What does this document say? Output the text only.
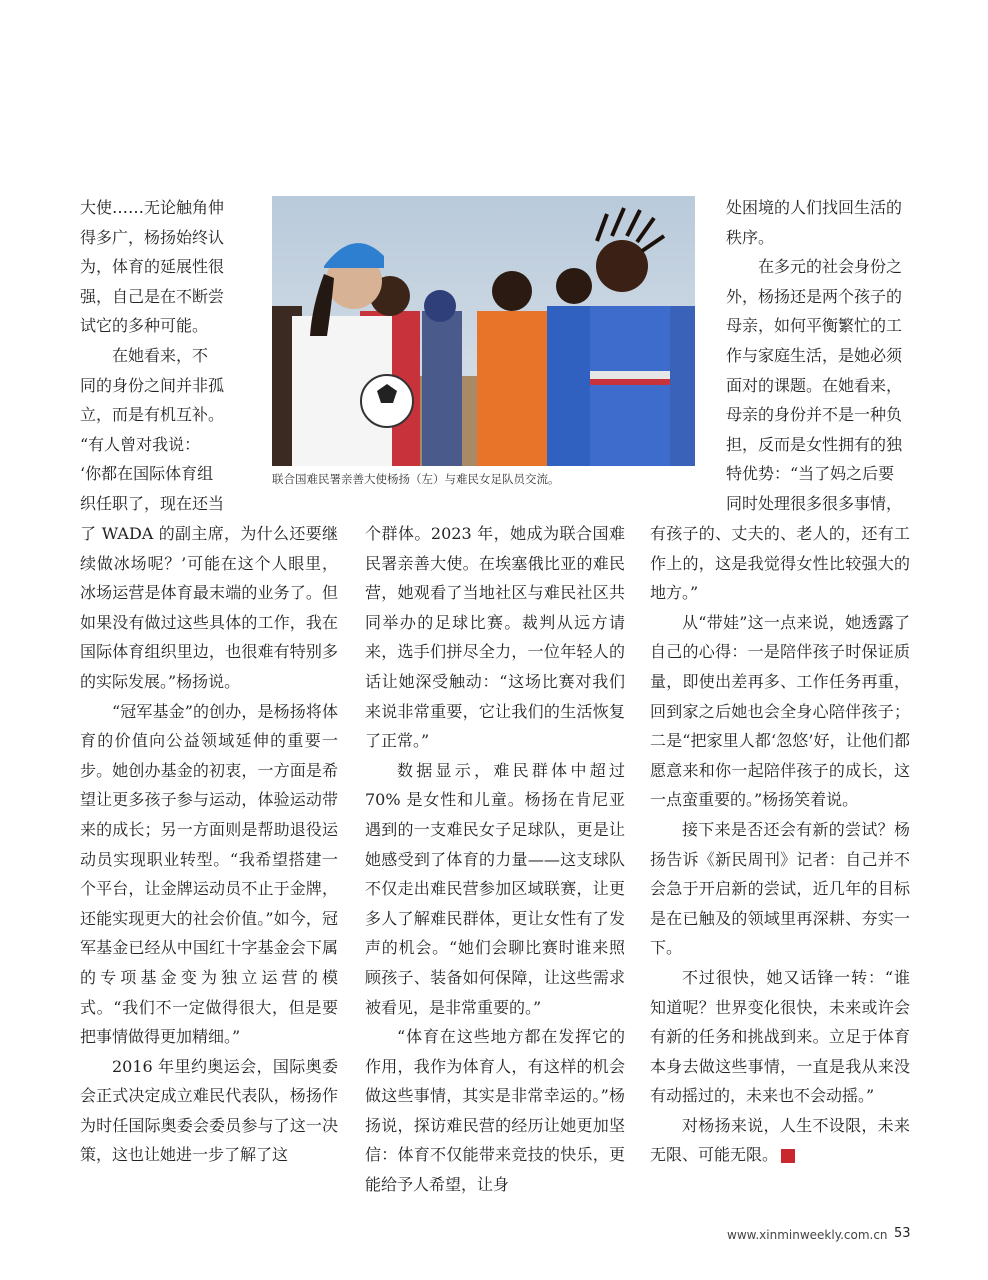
大使……无论触角伸
得多广，杨扬始终认
为，体育的延展性很
强，自己是在不断尝
试它的多种可能。
在她看来，不
同的身份之间并非孤
立，而是有机互补。
“有人曾对我说：
‘你都在国际体育组
织任职了，现在还当

了 WADA 的副主席，为什么还要继续做冰场呢？’可能在这个人眼里，冰场运营是体育最末端的业务了。但如果没有做过这些具体的工作，我在国际体育组织里边，也很难有特别多的实际发展。”杨扬说。

“冠军基金”的创办，是杨扬将体育的价值向公益领域延伸的重要一步。她创办基金的初衷，一方面是希望让更多孩子参与运动，体验运动带来的成长；另一方面则是帮助退役运动员实现职业转型。“我希望搭建一个平台，让金牌运动员不止于金牌，还能实现更大的社会价值。”如今，冠军基金已经从中国红十字基金会下属的专项基金变为独立运营的模式。“我们不一定做得很大，但是要把事情做得更加精细。”

2016 年里约奥运会，国际奥委会正式决定成立难民代表队，杨扬作为时任国际奥委会委员参与了这一决策，这也让她进一步了解了这

联合国难民署亲善大使杨扬（左）与难民女足队员交流。

个群体。2023 年，她成为联合国难民署亲善大使。在埃塞俄比亚的难民营，她观看了当地社区与难民社区共同举办的足球比赛。裁判从远方请来，选手们拼尽全力，一位年轻人的话让她深受触动：“这场比赛对我们来说非常重要，它让我们的生活恢复了正常。”

数据显示，难民群体中超过 70% 是女性和儿童。杨扬在肯尼亚遇到的一支难民女子足球队，更是让她感受到了体育的力量——这支球队不仅走出难民营参加区域联赛，让更多人了解难民群体，更让女性有了发声的机会。“她们会聊比赛时谁来照顾孩子、装备如何保障，让这些需求被看见，是非常重要的。”

“体育在这些地方都在发挥它的作用，我作为体育人，有这样的机会做这些事情，其实是非常幸运的。”杨扬说，探访难民营的经历让她更加坚信：体育不仅能带来竞技的快乐，更能给予人希望，让身

处困境的人们找回生活的
秩序。
在多元的社会身份之
外，杨扬还是两个孩子的
母亲，如何平衡繁忙的工
作与家庭生活，是她必须
面对的课题。在她看来，
母亲的身份并不是一种负
担，反而是女性拥有的独
特优势：“当了妈之后要
同时处理很多很多事情，

有孩子的、丈夫的、老人的，还有工作上的，这是我觉得女性比较强大的地方。”

从“带娃”这一点来说，她透露了自己的心得：一是陪伴孩子时保证质量，即使出差再多、工作任务再重，回到家之后她也会全身心陪伴孩子；二是“把家里人都‘忽悠’好，让他们都愿意来和你一起陪伴孩子的成长，这一点蛮重要的。”杨扬笑着说。

接下来是否还会有新的尝试？杨扬告诉《新民周刊》记者：自己并不会急于开启新的尝试，近几年的目标是在已触及的领域里再深耕、夯实一下。

不过很快，她又话锋一转：“谁知道呢？世界变化很快，未来或许会有新的任务和挑战到来。立足于体育本身去做这些事情，一直是我从来没有动摇过的，未来也不会动摇。”

对杨扬来说，人生不设限，未来无限、可能无限。	民

www.xinminweekly.com.cn 53
